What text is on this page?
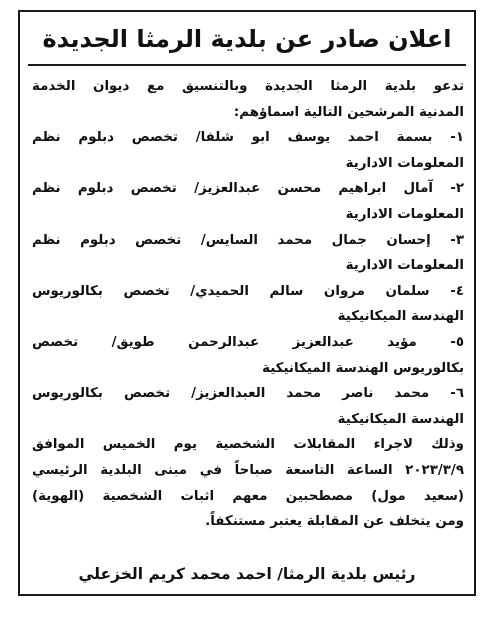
اعلان صادر عن بلدية الرمثا الجديدة
تدعو بلدية الرمثا الجديدة وبالتنسيق مع ديوان الخدمة
المدنية المرشحين التالية اسماؤهم:
١- بسمة احمد يوسف ابو شلفا/ تخصص دبلوم نظم
المعلومات الادارية
٢- آمال ابراهيم محسن عبدالعزيز/ تخصص دبلوم نظم
المعلومات الادارية
٣- إحسان جمال محمد السايس/ تخصص دبلوم نظم
المعلومات الادارية
٤- سلمان مروان سالم الحميدي/ تخصص بكالوريوس
الهندسة الميكانيكية
٥- مؤيد عبدالعزيز عبدالرحمن طويق/ تخصص
بكالوريوس الهندسة الميكانيكية
٦- محمد ناصر محمد العبدالعزيز/ تخصص بكالوريوس
الهندسة الميكانيكية
وذلك لاجراء المقابلات الشخصية يوم الخميس الموافق
٢٠٢٣/٣/٩ الساعة التاسعة صباحاً في مبنى البلدية الرئيسي
(سعيد مول) مصطحبين معهم اثبات الشخصية (الهوية)
ومن يتخلف عن المقابلة يعتبر مستنكفاً.
رئيس بلدية الرمثا/ احمد محمد كريم الخزعلي
